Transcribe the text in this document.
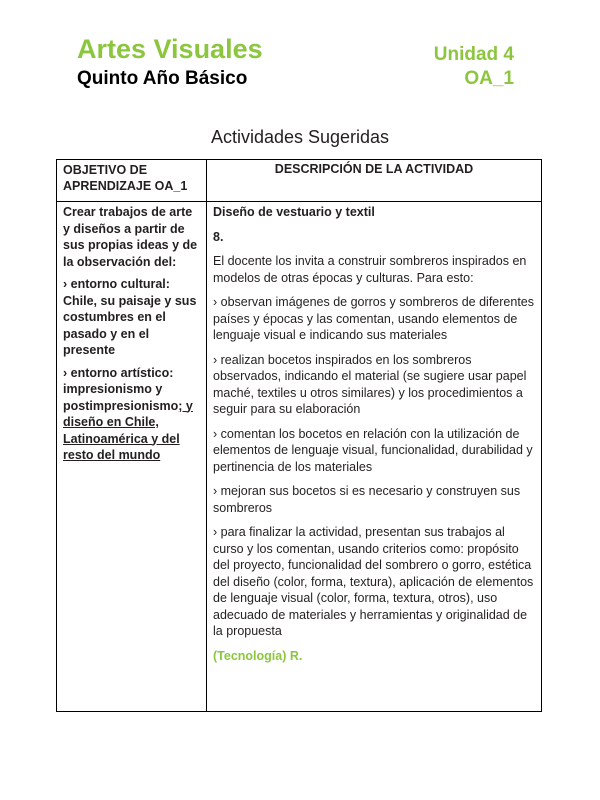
Artes Visuales	Unidad 4
Quinto Año Básico	OA_1
Actividades Sugeridas
OBJETIVO DE APRENDIZAJE OA_1
DESCRIPCIÓN DE LA ACTIVIDAD

Crear trabajos de arte y diseños a partir de sus propias ideas y de la observación del:

› entorno cultural: Chile, su paisaje y sus costumbres en el pasado y en el presente

› entorno artístico: impresionismo y postimpresionismo; y diseño en Chile, Latinoamérica y del resto del mundo

Diseño de vestuario y textil

8.

El docente los invita a construir sombreros inspirados en modelos de otras épocas y culturas. Para esto:

› observan imágenes de gorros y sombreros de diferentes países y épocas y las comentan, usando elementos de lenguaje visual e indicando sus materiales

› realizan bocetos inspirados en los sombreros observados, indicando el material (se sugiere usar papel maché, textiles u otros similares) y los procedimientos a seguir para su elaboración

› comentan los bocetos en relación con la utilización de elementos de lenguaje visual, funcionalidad, durabilidad y pertinencia de los materiales

› mejoran sus bocetos si es necesario y construyen sus sombreros

› para finalizar la actividad, presentan sus trabajos al curso y los comentan, usando criterios como: propósito del proyecto, funcionalidad del sombrero o gorro, estética del diseño (color, forma, textura), aplicación de elementos de lenguaje visual (color, forma, textura, otros), uso adecuado de materiales y herramientas y originalidad de la propuesta

(Tecnología) R.
